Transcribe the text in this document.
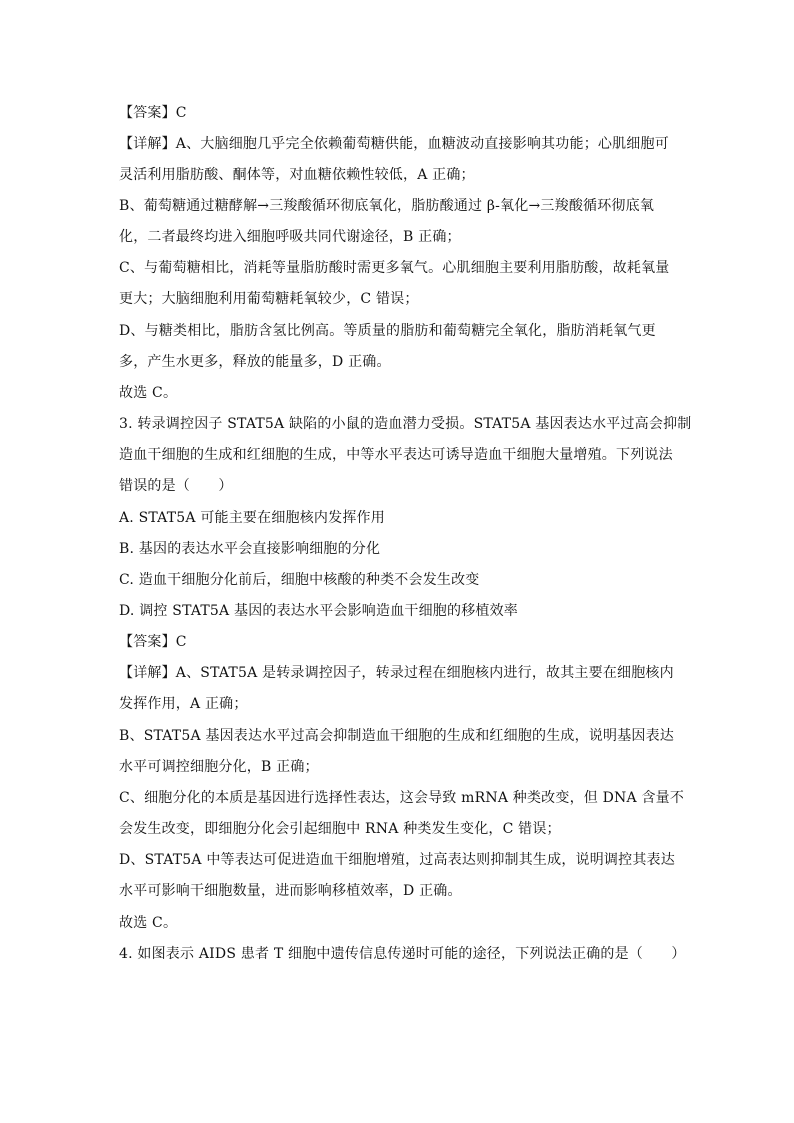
【答案】C
【详解】A、大脑细胞几乎完全依赖葡萄糖供能，血糖波动直接影响其功能；心肌细胞可
灵活利用脂肪酸、酮体等，对血糖依赖性较低，A 正确；
B、葡萄糖通过糖酵解→三羧酸循环彻底氧化，脂肪酸通过 β-氧化→三羧酸循环彻底氧
化，二者最终均进入细胞呼吸共同代谢途径，B 正确；
C、与葡萄糖相比，消耗等量脂肪酸时需更多氧气。心肌细胞主要利用脂肪酸，故耗氧量
更大；大脑细胞利用葡萄糖耗氧较少，C 错误；
D、与糖类相比，脂肪含氢比例高。等质量的脂肪和葡萄糖完全氧化，脂肪消耗氧气更
多，产生水更多，释放的能量多，D 正确。
故选 C。
3. 转录调控因子 STAT5A 缺陷的小鼠的造血潜力受损。STAT5A 基因表达水平过高会抑制
造血干细胞的生成和红细胞的生成，中等水平表达可诱导造血干细胞大量增殖。下列说法
错误的是（　　）
A. STAT5A 可能主要在细胞核内发挥作用
B. 基因的表达水平会直接影响细胞的分化
C. 造血干细胞分化前后，细胞中核酸的种类不会发生改变
D. 调控 STAT5A 基因的表达水平会影响造血干细胞的移植效率
【答案】C
【详解】A、STAT5A 是转录调控因子，转录过程在细胞核内进行，故其主要在细胞核内
发挥作用，A 正确；
B、STAT5A 基因表达水平过高会抑制造血干细胞的生成和红细胞的生成，说明基因表达
水平可调控细胞分化，B 正确；
C、细胞分化的本质是基因进行选择性表达，这会导致 mRNA 种类改变，但 DNA 含量不
会发生改变，即细胞分化会引起细胞中 RNA 种类发生变化，C 错误；
D、STAT5A 中等表达可促进造血干细胞增殖，过高表达则抑制其生成，说明调控其表达
水平可影响干细胞数量，进而影响移植效率，D 正确。
故选 C。
4. 如图表示 AIDS 患者 T 细胞中遗传信息传递时可能的途径，下列说法正确的是（　　）
